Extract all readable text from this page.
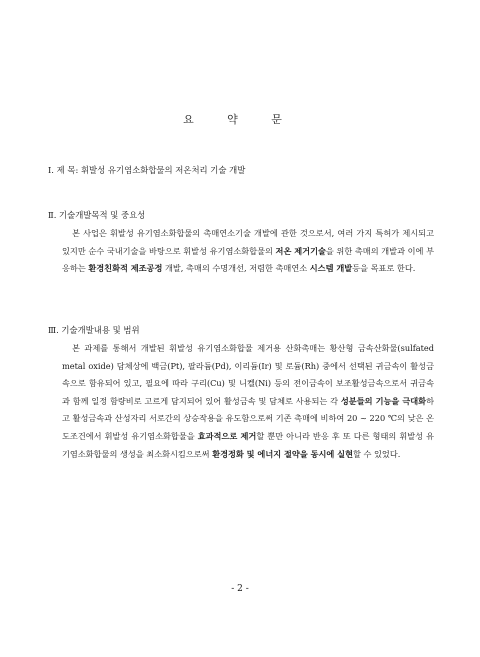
요 약 문
Ⅰ. 제 목: 휘발성 유기염소화합물의 저온처리 기술 개발
Ⅱ. 기술개발목적 및 중요성
본 사업은 휘발성 유기염소화합물의 촉매연소기술 개발에 관한 것으로서, 여러 가지 특허가 제시되고 있지만 순수 국내기술을 바탕으로 휘발성 유기염소화합물의 저온 제거기술을 위한 촉매의 개발과 이에 부응하는 환경친화적 제조공정 개발, 촉매의 수명개선, 저렴한 촉매연소 시스템 개발등을 목표로 한다.
Ⅲ. 기술개발내용 및 범위
본 과제를 통해서 개발된 휘발성 유기염소화합물 제거용 산화촉매는 황산형 금속산화물(sulfated metal oxide) 담체상에 백금(Pt), 팔라듐(Pd), 이리듐(Ir) 및 로듐(Rh) 중에서 선택된 귀금속이 활성금속으로 함유되어 있고, 필요에 따라 구리(Cu) 및 니켈(Ni) 등의 전이금속이 보조활성금속으로서 귀금속과 함께 일정 함량비로 고르게 담지되어 있어 활성금속 및 담체로 사용되는 각 성분들의 기능을 극대화하고 활성금속과 산성자리 서로간의 상승작용을 유도함으로써 기존 촉매에 비하여 20 ~ 220 ℃의 낮은 온도조건에서 휘발성 유기염소화합물을 효과적으로 제거할 뿐만 아니라 반응 후 또 다른 형태의 휘발성 유기염소화합물의 생성을 최소화시킴으로써 환경정화 및 에너지 절약을 동시에 실현할 수 있었다.
- 2 -
